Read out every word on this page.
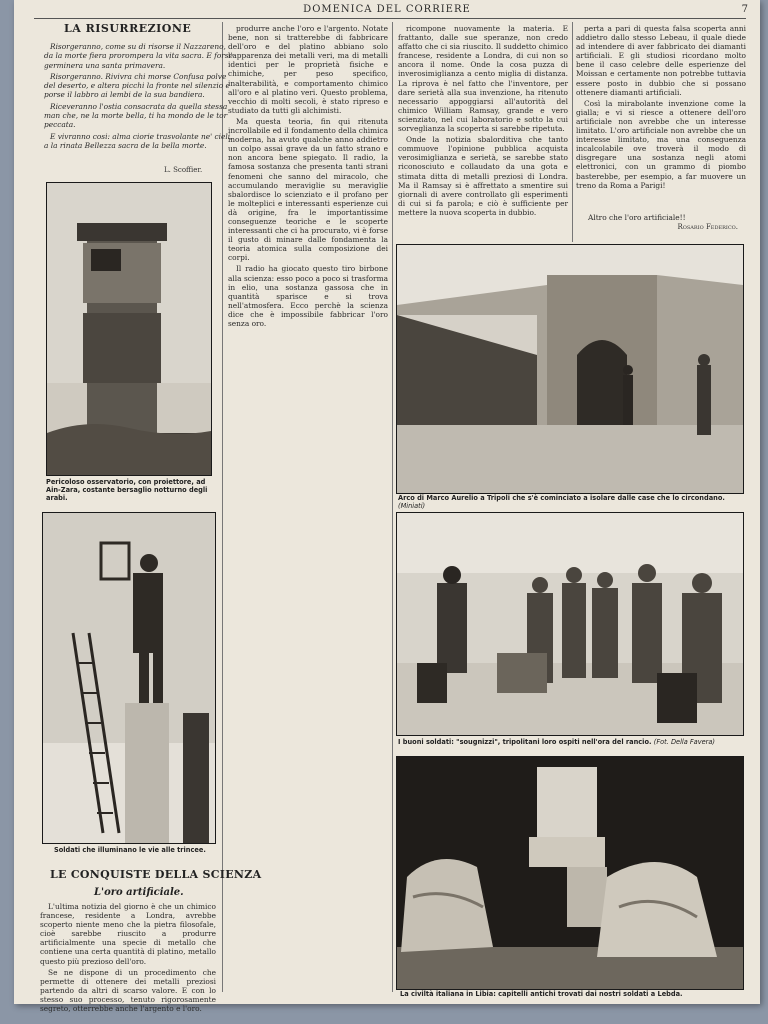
DOMENICA DEL CORRIERE	7
LA RISURREZIONE

Risorgeranno, come su di risorse il Nazzareno, da la morte fiera prorompera la vita sacra. E forse germinera una santa primavera.

Risorgeranno. Rivivra chi morse Confusa polve del deserto, e altera picchi la fronte nel silenzio e porse il labbro ai lembi de la sua bandiera.

Riceveranno l'ostia consacrata da quella stessa man che, ne la morte bella, ti ha mondo de le tor peccata.

E vivranno cosi: alma ciorie trasvolante ne' cieli, a la rinata Bellezza sacra de la bella morte.

L. Scoffier.
Pericoloso osservatorio, con proiettore, ad Ain-Zara, costante bersaglio notturno degli arabi.
Soldati che illuminano le vie alle trincee.
LE CONQUISTE DELLA SCIENZA
L'oro artificiale.

L'ultima notizia del giorno è che un chimico francese, residente a Londra, avrebbe scoperto niente meno che la pietra filosofale, cioè sarebbe riuscito a produrre artificialmente una specie di metallo che contiene una certa quantità di platino, metallo questo più prezioso dell'oro.

Se ne dispone di un procedimento che permette di ottenere dei metalli preziosi partendo da altri di scarso valore. E con lo stesso suo processo, tenuto rigorosamente segreto, otterrebbe anche l'argento e l'oro.

produrre anche l'oro e l'argento. Notate bene, non si tratterebbe di fabbricare dell'oro e del platino abbiano solo l'apparenza dei metalli veri, ma di metalli identici per le proprietà fisiche e chimiche, per peso specifico, inalterabilità, e comportamento chimico all'oro e al platino veri. Questo problema, vecchio di molti secoli, è stato ripreso e studiato da tutti gli alchimisti.

Ma questa teoria, fin qui ritenuta incrollabile ed il fondamento della chimica moderna, ha avuto qualche anno addietro un colpo assai grave da un fatto strano e non ancora bene spiegato. Il radio, la famosa sostanza che presenta tanti strani fenomeni che sanno del miracolo, che accumulando meraviglie su meraviglie sbalordisce lo scienziato e il profano per le molteplici e interessanti esperienze cui dà origine, fra le importantissime conseguenze teoriche e le scoperte interessanti che ci ha procurato, vi è forse il gusto di minare dalle fondamenta la teoria atomica sulla composizione dei corpi.

Il radio ha giocato questo tiro birbone alla scienza: esso poco a poco si trasforma in elio, una sostanza gassosa che in quantità sparisce e si trova nell'atmosfera. Ecco perchè la scienza dice che è impossibile fabbricar l'oro senza oro.

ricompone nuovamente la materia. E frattanto, dalle sue speranze, non credo affatto che ci sia riuscito. Il suddetto chimico francese, residente a Londra, di cui non so ancora il nome. Onde la cosa puzza di inverosimiglianza a cento miglia di distanza. La riprova è nel fatto che l'inventore, per dare serietà alla sua invenzione, ha ritenuto necessario appoggiarsi all'autorità del chimico William Ramsay, grande e vero scienziato, nel cui laboratorio e sotto la cui sorveglianza la scoperta si sarebbe ripetuta.

Onde la notizia sbalorditiva che tanto commuove l'opinione pubblica acquista verosimiglianza e serietà, se sarebbe stato riconosciuto e collaudato da una gota e stimata ditta di metalli preziosi di Londra. Ma il Ramsay si è affrettato a smentire sui giornali di avere controllato gli esperimenti di cui si fa parola; e ciò è sufficiente per mettere la nuova scoperta in dubbio.

perta a pari di questa falsa scoperta anni addietro dallo stesso Lebeau, il quale diede ad intendere di aver fabbricato dei diamanti artificiali. E gli studiosi ricordano molto bene il caso celebre delle esperienze del Moissan e certamente non potrebbe tuttavia essere posto in dubbio che si possano ottenere diamanti artificiali.

Così la mirabolante invenzione come la gialla; e vi si riesce a ottenere dell'oro artificiale non avrebbe che un interesse limitato. L'oro artificiale non avrebbe che un interesse limitato, ma una conseguenza incalcolabile ove troverà il modo di disgregare una sostanza negli atomi elettronici, con un grammo di piombo basterebbe, per esempio, a far muovere un treno da Roma a Parigi!

Altro che l'oro artificiale!!
Rosario Federico.
Arco di Marco Aurelio a Tripoli che s'è cominciato a isolare dalle case che lo circondano. (Miniati)
I buoni soldati: "sougnizzi", tripolitani loro ospiti nell'ora del rancio. (Fot. Della Favera)
La civiltà italiana in Libia: capitelli antichi trovati dai nostri soldati a Lebda.
